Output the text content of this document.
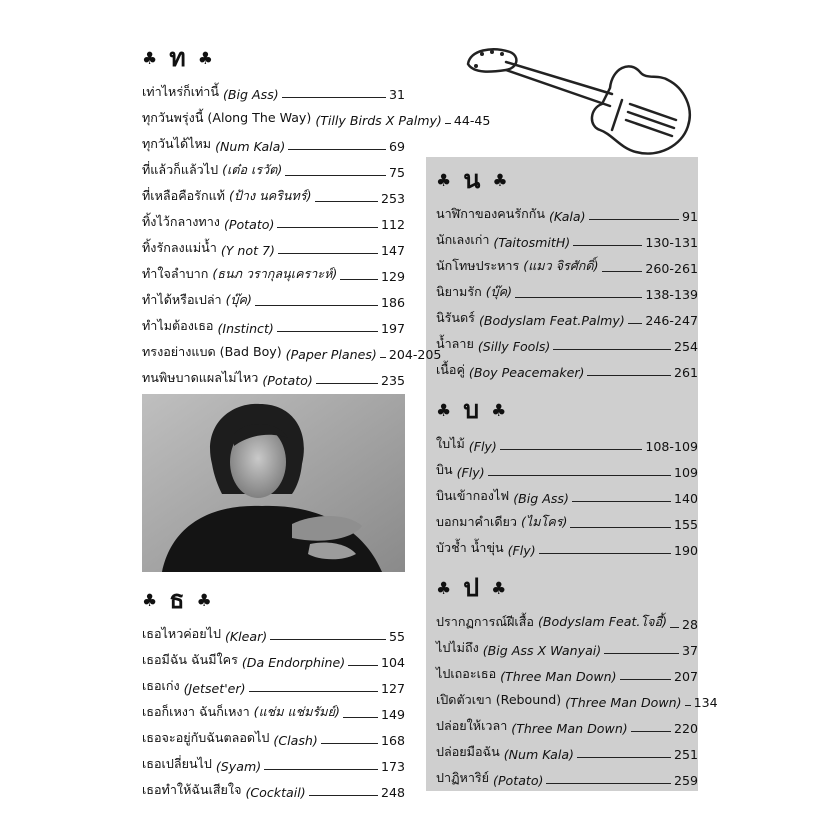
♣ ท ♣
เท่าไหร่ก็เท่านี้ (Big Ass)	31
ทุกวันพรุ่งนี้ (Along The Way) (Tilly Birds X Palmy) 44-45
ทุกวันได้ไหม (Num Kala)	69
ที่แล้วก็แล้วไป (เต๋อ เรวัต)	75
ที่เหลือคือรักแท้ (ป้าง นครินทร์)	253
ทิ้งไว้กลางทาง (Potato)	112
ทิ้งรักลงแม่น้ำ (Y not 7)	147
ทำใจลำบาก (ธนภ วรากุลนุเคราะห์)	129
ทำได้หรือเปล่า (บุ๊ค)	186
ทำไมต้องเธอ (Instinct)	197
ทรงอย่างแบด (Bad Boy) (Paper Planes) 204-205
ทนพิษบาดแผลไม่ไหว (Potato)	235
♣ ธ ♣
เธอไหวค่อยไป (Klear)	55
เธอมีฉัน ฉันมีใคร (Da Endorphine)	104
เธอเก่ง (Jetset'er)	127
เธอก็เหงา ฉันก็เหงา (แช่ม แช่มรัมย์)	149
เธอจะอยู่กับฉันตลอดไป (Clash)	168
เธอเปลี่ยนไป (Syam)	173
เธอทำให้ฉันเสียใจ (Cocktail)	248
♣ น ♣
นาฬิกาของคนรักกัน (Kala)	91
นักเลงเก่า (TaitosmitH)	130-131
นักโทษประหาร (แมว จิรศักดิ์)	260-261
นิยามรัก (บุ๊ค)	138-139
นิรันดร์ (Bodyslam Feat.Palmy) 246-247
น้ำลาย (Silly Fools)	254
เนื้อคู่ (Boy Peacemaker)	261
♣ บ ♣
ใบไม้ (Fly)	108-109
บิน (Fly)	109
บินเข้ากองไฟ (Big Ass)	140
บอกมาคำเดียว (ไมโคร)	155
บัวช้ำ น้ำขุ่น (Fly)	190
♣ ป ♣
ปรากฏการณ์ฝีเสื้อ (Bodyslam Feat.โจอี้) 28
ไปไม่ถึง (Big Ass X Wanyai)	37
ไปเถอะเธอ (Three Man Down)	207
เปิดตัวเขา (Rebound) (Three Man Down) 134
ปล่อยให้เวลา (Three Man Down)	220
ปล่อยมือฉัน (Num Kala)	251
ปาฏิหาริย์ (Potato)	259
